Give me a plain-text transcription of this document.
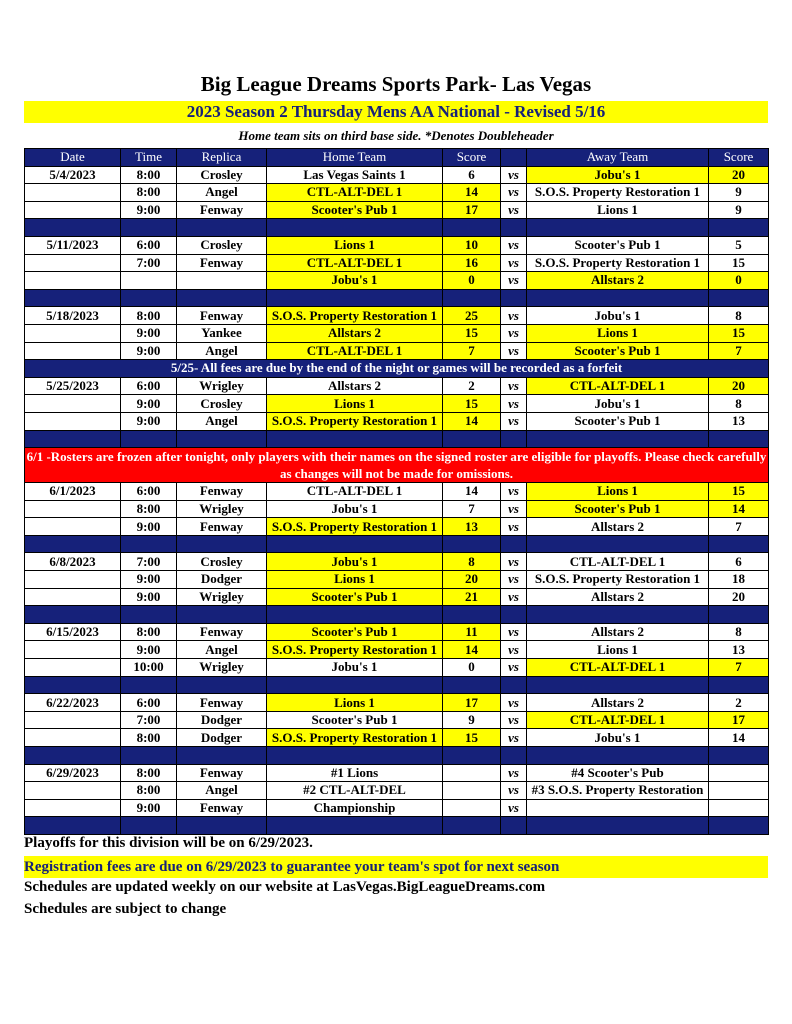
Big League Dreams Sports Park- Las Vegas
2023 Season 2 Thursday Mens AA National - Revised 5/16
Home team sits on third base side. *Denotes Doubleheader
Date	Time	Replica	Home Team	Score		Away Team	Score
5/4/2023	8:00	Crosley	Las Vegas Saints 1	6	vs	Jobu's 1	20
	8:00	Angel	CTL-ALT-DEL 1	14	vs	S.O.S. Property Restoration 1	9
	9:00	Fenway	Scooter's Pub 1	17	vs	Lions 1	9

5/11/2023	6:00	Crosley	Lions 1	10	vs	Scooter's Pub 1	5
	7:00	Fenway	CTL-ALT-DEL 1	16	vs	S.O.S. Property Restoration 1	15
			Jobu's 1	0	vs	Allstars 2	0

5/18/2023	8:00	Fenway	S.O.S. Property Restoration 1	25	vs	Jobu's 1	8
	9:00	Yankee	Allstars 2	15	vs	Lions 1	15
	9:00	Angel	CTL-ALT-DEL 1	7	vs	Scooter's Pub 1	7
5/25- All fees are due by the end of the night or games will be recorded as a forfeit							
5/25/2023	6:00	Wrigley	Allstars 2	2	vs	CTL-ALT-DEL 1	20
	9:00	Crosley	Lions 1	15	vs	Jobu's 1	8
	9:00	Angel	S.O.S. Property Restoration 1	14	vs	Scooter's Pub 1	13

6/1 -Rosters are frozen after tonight, only players with their names on the signed roster are eligible for playoffs. Please check carefully as changes will not be made for omissions.							
6/1/2023	6:00	Fenway	CTL-ALT-DEL 1	14	vs	Lions 1	15
	8:00	Wrigley	Jobu's 1	7	vs	Scooter's Pub 1	14
	9:00	Fenway	S.O.S. Property Restoration 1	13	vs	Allstars 2	7

6/8/2023	7:00	Crosley	Jobu's 1	8	vs	CTL-ALT-DEL 1	6
	9:00	Dodger	Lions 1	20	vs	S.O.S. Property Restoration 1	18
	9:00	Wrigley	Scooter's Pub 1	21	vs	Allstars 2	20

6/15/2023	8:00	Fenway	Scooter's Pub 1	11	vs	Allstars 2	8
	9:00	Angel	S.O.S. Property Restoration 1	14	vs	Lions 1	13
	10:00	Wrigley	Jobu's 1	0	vs	CTL-ALT-DEL 1	7

6/22/2023	6:00	Fenway	Lions 1	17	vs	Allstars 2	2
	7:00	Dodger	Scooter's Pub 1	9	vs	CTL-ALT-DEL 1	17
	8:00	Dodger	S.O.S. Property Restoration 1	15	vs	Jobu's 1	14

6/29/2023	8:00	Fenway	#1 Lions		vs	#4 Scooter's Pub	
	8:00	Angel	#2 CTL-ALT-DEL		vs	#3 S.O.S. Property Restoration	
	9:00	Fenway	Championship		vs		

Playoffs for this division will be on 6/29/2023.
Registration fees are due on 6/29/2023 to guarantee your team's spot for next season
Schedules are updated weekly on our website at LasVegas.BigLeagueDreams.com
Schedules are subject to change
